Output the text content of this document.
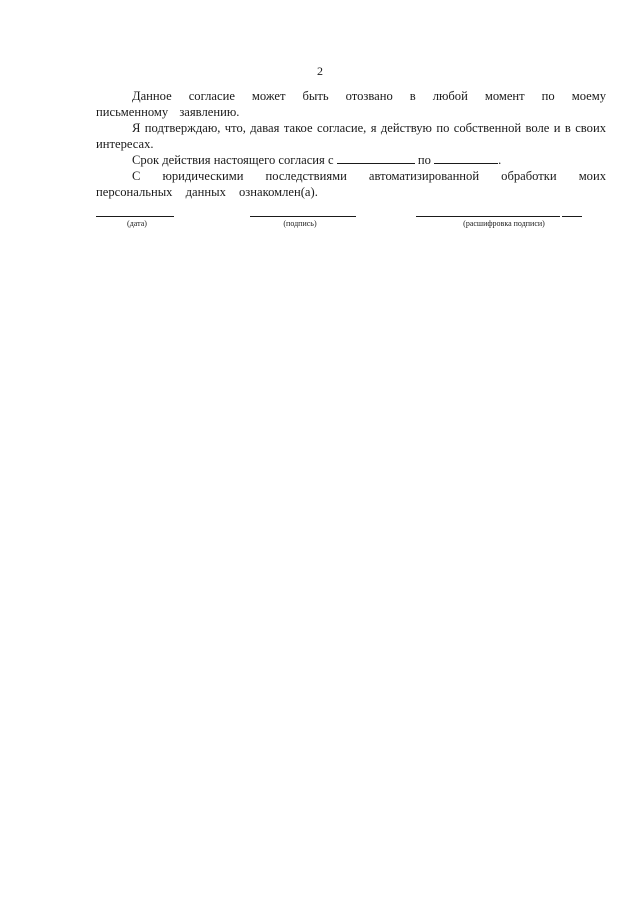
2

Данное согласие может быть отозвано в любой момент по моему письменному заявлению.

Я подтверждаю, что, давая такое согласие, я действую по собственной воле и в своих интересах.

Срок действия настоящего согласия с	по	.

С юридическими последствиями автоматизированной обработки моих персональных данных ознакомлен(а).

(дата)	(подпись)	(расшифровка подписи)
